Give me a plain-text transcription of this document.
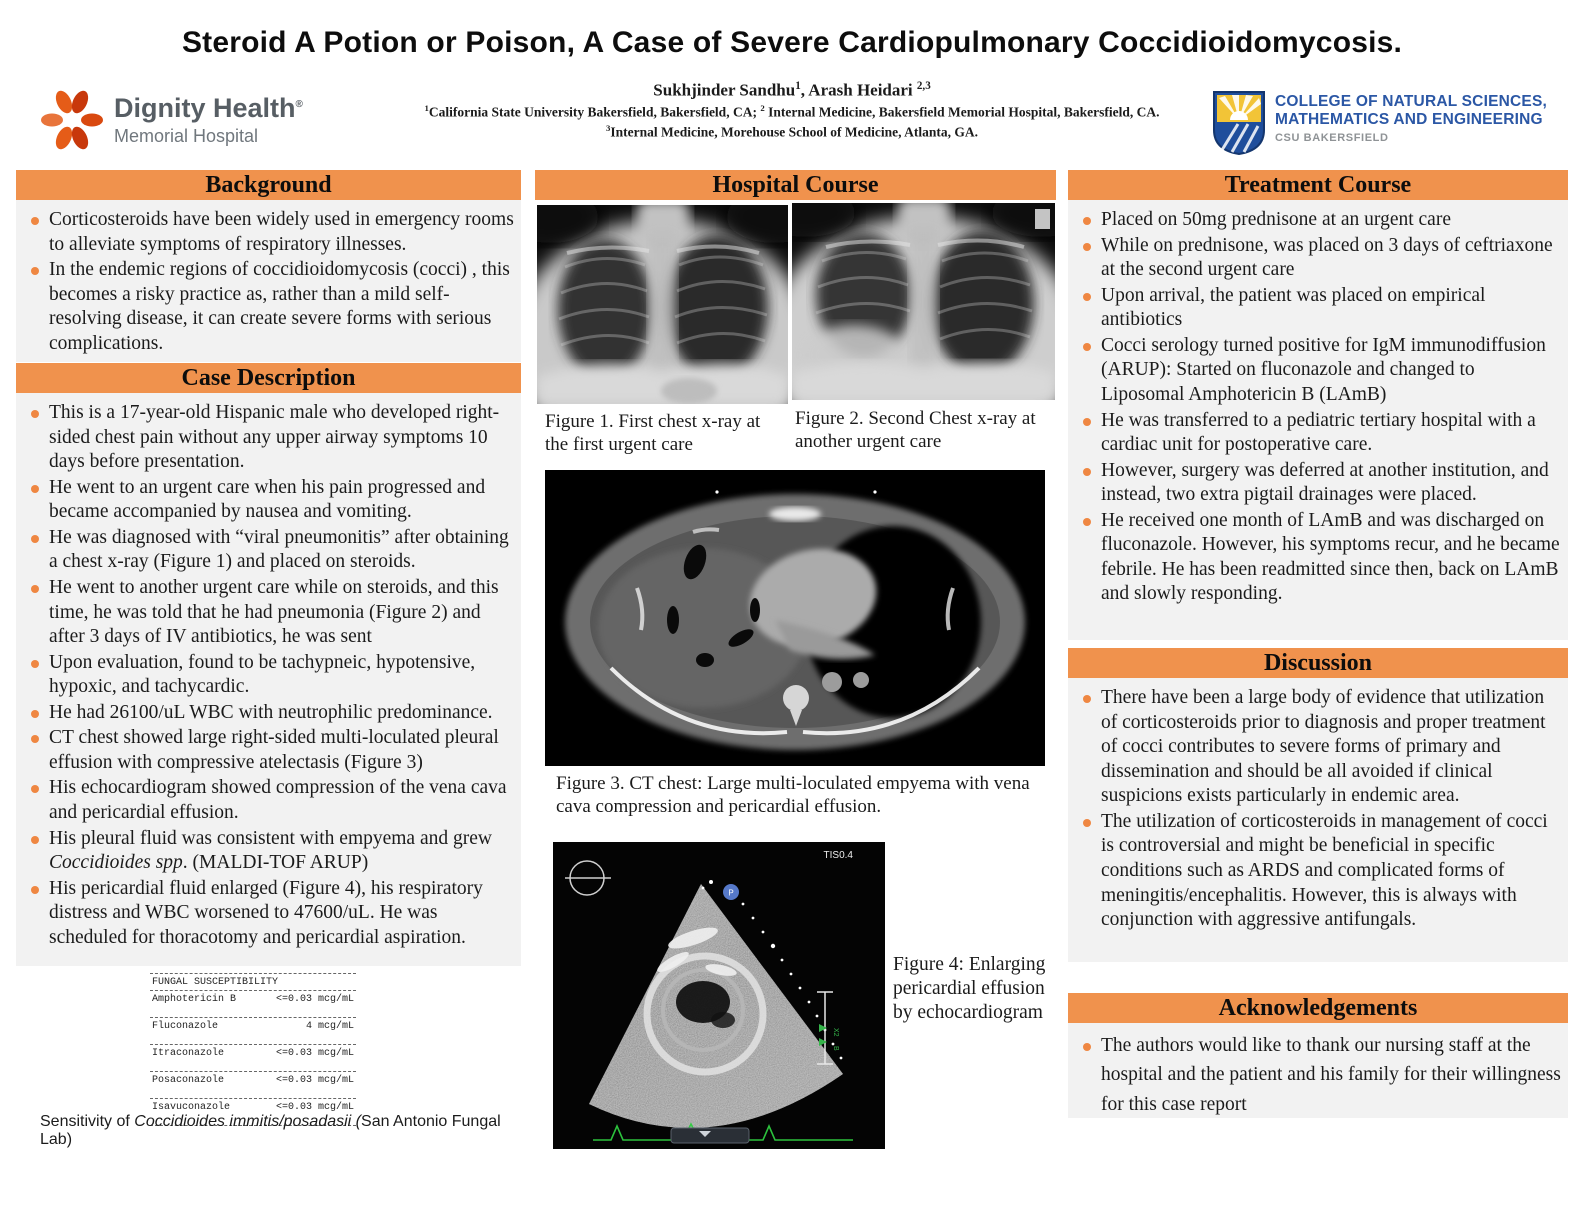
Steroid A Potion or Poison, A Case of Severe Cardiopulmonary Coccidioidomycosis.
Sukhjinder Sandhu$^1$, Arash Heidari $^{2,3}$
$^1$California State University Bakersfield, Bakersfield, CA; $^2$ Internal Medicine, Bakersfield Memorial Hospital, Bakersfield, CA.
$^3$Internal Medicine, Morehouse School of Medicine, Atlanta, GA.
Dignity Health®
Memorial Hospital
COLLEGE OF NATURAL SCIENCES,
MATHEMATICS AND ENGINEERING
CSU BAKERSFIELD
Background
Corticosteroids have been widely used in emergency rooms to alleviate symptoms of respiratory illnesses.
In the endemic regions of coccidioidomycosis (cocci) , this becomes a risky practice as, rather than a mild self-resolving disease, it can create severe forms with serious complications.
Case Description
This is a 17-year-old Hispanic male who developed right-sided chest pain without any upper airway symptoms 10 days before presentation.
He went to an urgent care when his pain progressed and became accompanied by nausea and vomiting.
He was diagnosed with “viral pneumonitis” after obtaining a chest x-ray (Figure 1) and placed on steroids.
He went to another urgent care while on steroids, and this time, he was told that he had pneumonia (Figure 2) and after 3 days of IV antibiotics, he was sent
Upon evaluation, found to be tachypneic, hypotensive, hypoxic, and tachycardic.
He had 26100/uL WBC with neutrophilic predominance.
CT chest showed large right-sided multi-loculated pleural effusion with compressive atelectasis (Figure 3)
His echocardiogram showed compression of the vena cava and pericardial effusion.
His pleural fluid was consistent with empyema and grew Coccidioides spp. (MALDI-TOF ARUP)
His pericardial fluid enlarged (Figure 4), his respiratory distress and WBC worsened to 47600/uL. He was scheduled for thoracotomy and pericardial aspiration.
FUNGAL SUSCEPTIBILITY
Amphotericin B	<=0.03 mcg/mL
Fluconazole	4 mcg/mL
Itraconazole	<=0.03 mcg/mL
Posaconazole	<=0.03 mcg/mL
Isavuconazole	<=0.03 mcg/mL
Sensitivity of Coccidioides immitis/posadasii (San Antonio Fungal Lab)
Hospital Course
Figure 1. First chest x-ray at the first urgent care
Figure 2. Second Chest x-ray at another urgent care
Figure 3. CT chest: Large multi-loculated empyema with vena cava compression and pericardial effusion.
P
X2
B
TIS0.4
Figure 4: Enlarging pericardial effusion by echocardiogram
Treatment Course
Placed on 50mg prednisone at an urgent care
While on prednisone, was placed on 3 days of ceftriaxone at the second urgent care
Upon arrival, the patient was placed on empirical antibiotics
Cocci serology turned positive for IgM immunodiffusion (ARUP): Started on fluconazole and changed to Liposomal Amphotericin B (LAmB)
He was transferred to a pediatric tertiary hospital with a cardiac unit for postoperative care.
However, surgery was deferred at another institution, and instead, two extra pigtail drainages were placed.
He received one month of LAmB and was discharged on fluconazole. However, his symptoms recur, and he became febrile. He has been readmitted since then, back on LAmB and slowly responding.
Discussion
There have been a large body of evidence that utilization of corticosteroids prior to diagnosis and proper treatment of cocci contributes to severe forms of primary and dissemination and should be all avoided if clinical suspicions exists particularly in endemic area.
The utilization of corticosteroids in management of cocci is controversial and might be beneficial in specific conditions such as ARDS and complicated forms of meningitis/encephalitis. However, this is always with conjunction with aggressive antifungals.
Acknowledgements
The authors would like to thank our nursing staff at the hospital and the patient and his family for their willingness for this case report
